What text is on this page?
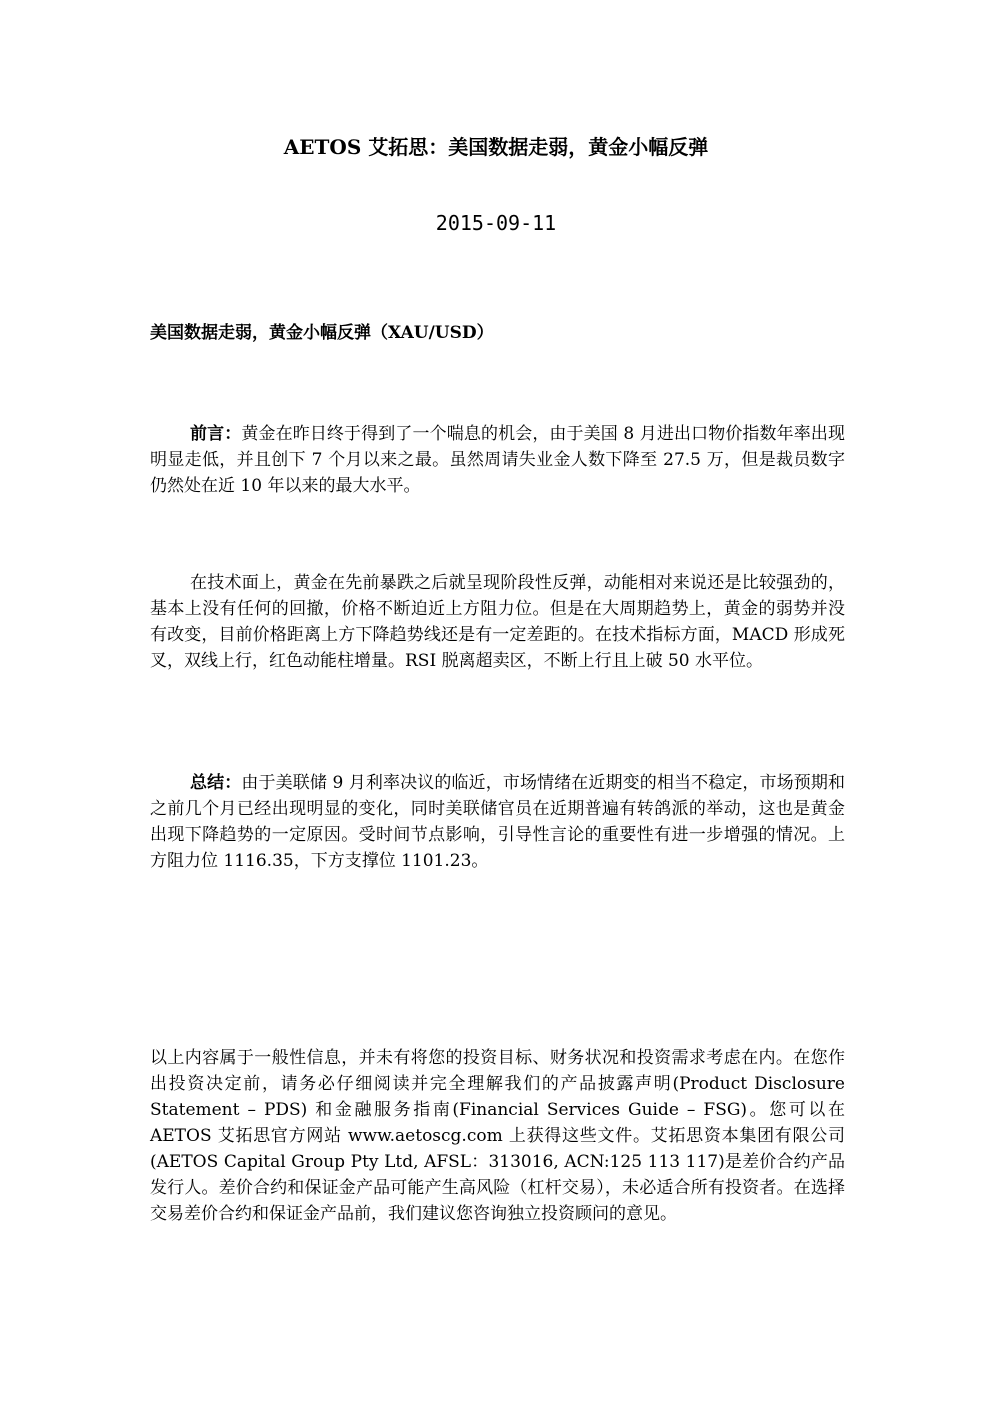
AETOS 艾拓思：美国数据走弱，黄金小幅反弹
2015-09-11
美国数据走弱，黄金小幅反弹（XAU/USD）

前言：黄金在昨日终于得到了一个喘息的机会，由于美国 8 月进出口物价指数年率出现明显走低，并且创下 7 个月以来之最。虽然周请失业金人数下降至 27.5 万，但是裁员数字仍然处在近 10 年以来的最大水平。

在技术面上，黄金在先前暴跌之后就呈现阶段性反弹，动能相对来说还是比较强劲的，基本上没有任何的回撤，价格不断迫近上方阻力位。但是在大周期趋势上，黄金的弱势并没有改变，目前价格距离上方下降趋势线还是有一定差距的。在技术指标方面，MACD 形成死叉，双线上行，红色动能柱增量。RSI 脱离超卖区，不断上行且上破 50 水平位。

总结：由于美联储 9 月利率决议的临近，市场情绪在近期变的相当不稳定，市场预期和之前几个月已经出现明显的变化，同时美联储官员在近期普遍有转鸽派的举动，这也是黄金出现下降趋势的一定原因。受时间节点影响，引导性言论的重要性有进一步增强的情况。上方阻力位 1116.35，下方支撑位 1101.23。

以上内容属于一般性信息，并未有将您的投资目标、财务状况和投资需求考虑在内。在您作出投资决定前，请务必仔细阅读并完全理解我们的产品披露声明(Product Disclosure Statement – PDS) 和金融服务指南(Financial Services Guide – FSG)。您可以在 AETOS 艾拓思官方网站 www.aetoscg.com 上获得这些文件。艾拓思资本集团有限公司(AETOS Capital Group Pty Ltd, AFSL：313016, ACN:125 113 117)是差价合约产品发行人。差价合约和保证金产品可能产生高风险（杠杆交易），未必适合所有投资者。在选择交易差价合约和保证金产品前，我们建议您咨询独立投资顾问的意见。
